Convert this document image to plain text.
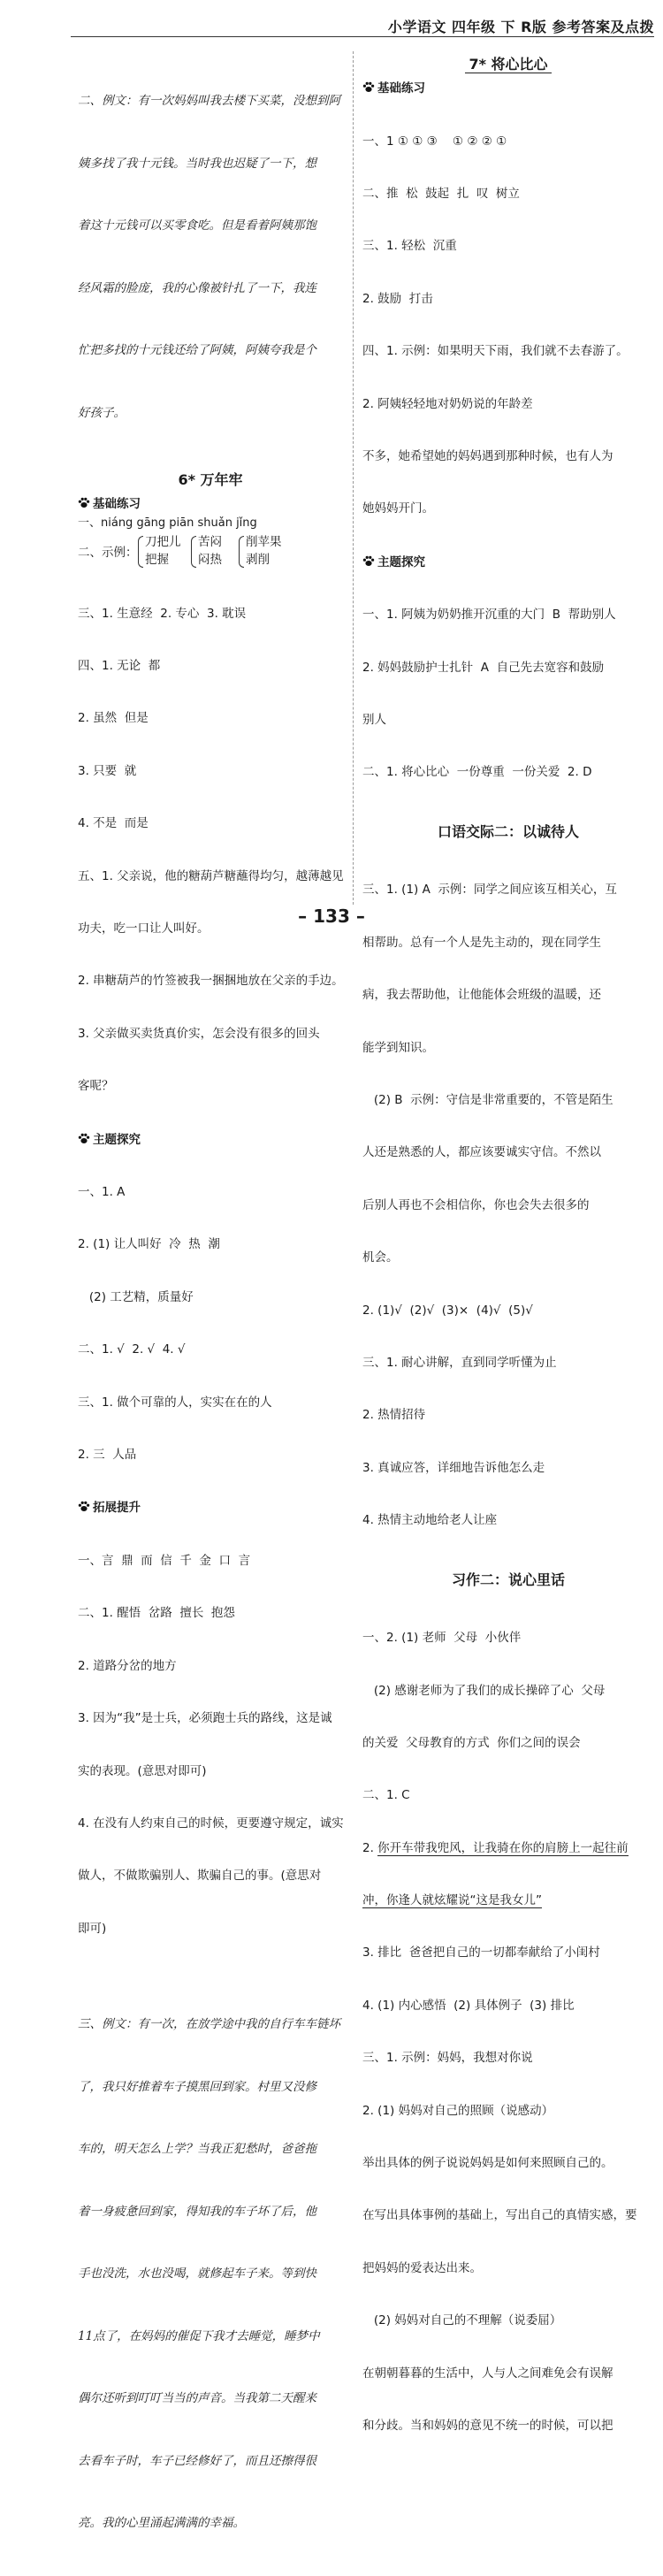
小学语文 四年级 下 R版 参考答案及点拨

二、例文：有一次妈妈叫我去楼下买菜，没想到阿

姨多找了我十元钱。当时我也迟疑了一下，想

着这十元钱可以买零食吃。但是看着阿姨那饱

经风霜的脸庞，我的心像被针扎了一下，我连

忙把多找的十元钱还给了阿姨，阿姨夸我是个

好孩子。

6* 万年牢
基础练习
一、niáng gāng piān shuǎn jǐng
二、示例：
刀把儿
把握
苦闷
闷热
削苹果
剥削

三、1. 生意经  2. 专心  3. 耽误

四、1. 无论  都

2. 虽然  但是

3. 只要  就

4. 不是  而是

五、1. 父亲说，他的糖葫芦糖蘸得均匀，越薄越见

功夫，吃一口让人叫好。

2. 串糖葫芦的竹签被我一捆捆地放在父亲的手边。

3. 父亲做买卖货真价实，怎会没有很多的回头

客呢？

主题探究

一、1. A

2. (1) 让人叫好  冷  热  潮

(2) 工艺精，质量好

二、1. √  2. √  4. √

三、1. 做个可靠的人，实实在在的人

2. 三  人品

拓展提升

一、言  鼎  而  信  千  金  口  言

二、1. 醒悟  岔路  擅长  抱怨

2. 道路分岔的地方

3. 因为“我”是士兵，必须跑士兵的路线，这是诚

实的表现。(意思对即可)

4. 在没有人约束自己的时候，更要遵守规定，诚实

做人，不做欺骗别人、欺骗自己的事。(意思对

即可)

三、例文：有一次，在放学途中我的自行车车链坏

了，我只好推着车子摸黑回到家。村里又没修

车的，明天怎么上学？当我正犯愁时，爸爸拖

着一身疲惫回到家，得知我的车子坏了后，他

手也没洗，水也没喝，就修起车子来。等到快

11点了，在妈妈的催促下我才去睡觉，睡梦中

偶尔还听到叮叮当当的声音。当我第二天醒来

去看车子时，车子已经修好了，而且还擦得很

亮。我的心里涌起满满的幸福。

7* 将心比心
基础练习

一、1 ① ① ③    ① ② ② ①

二、推  松  鼓起  扎  叹  树立

三、1. 轻松  沉重

2. 鼓励  打击

四、1. 示例：如果明天下雨，我们就不去春游了。

2. 阿姨轻轻地对奶奶说的年龄差

不多，她希望她的妈妈遇到那种时候，也有人为

她妈妈开门。

主题探究

一、1. 阿姨为奶奶推开沉重的大门  B  帮助别人

2. 妈妈鼓励护士扎针  A  自己先去宽容和鼓励

别人

二、1. 将心比心  一份尊重  一份关爱  2. D

口语交际二：以诚待人

三、1. (1) A  示例：同学之间应该互相关心，互

相帮助。总有一个人是先主动的，现在同学生

病，我去帮助他，让他能体会班级的温暖，还

能学到知识。

(2) B  示例：守信是非常重要的，不管是陌生

人还是熟悉的人，都应该要诚实守信。不然以

后别人再也不会相信你，你也会失去很多的

机会。

2. (1)√  (2)√  (3)×  (4)√  (5)√

三、1. 耐心讲解，直到同学听懂为止

2. 热情招待

3. 真诚应答，详细地告诉他怎么走

4. 热情主动地给老人让座

习作二：说心里话

一、2. (1) 老师  父母  小伙伴

(2) 感谢老师为了我们的成长操碎了心  父母

的关爱  父母教育的方式  你们之间的误会

二、1. C

2. 你开车带我兜风，让我骑在你的肩膀上一起往前

冲，你逢人就炫耀说“这是我女儿”

3. 排比  爸爸把自己的一切都奉献给了小闺村

4. (1) 内心感悟  (2) 具体例子  (3) 排比

三、1. 示例：妈妈，我想对你说

2. (1) 妈妈对自己的照顾（说感动）

举出具体的例子说说妈妈是如何来照顾自己的。

在写出具体事例的基础上，写出自己的真情实感，要

把妈妈的爱表达出来。

(2) 妈妈对自己的不理解（说委屈）

在朝朝暮暮的生活中，人与人之间难免会有误解

和分歧。当和妈妈的意见不统一的时候，可以把

– 133 –
